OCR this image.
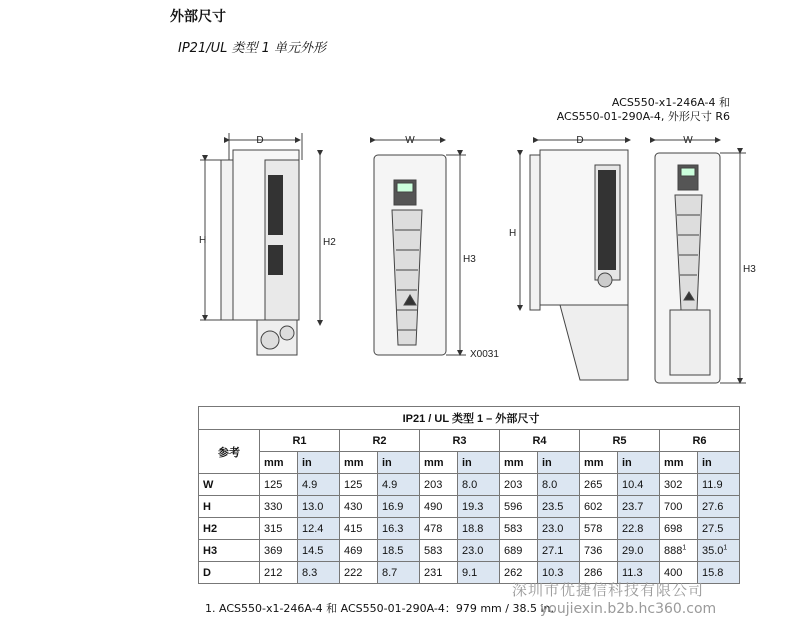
外部尺寸
IP21/UL 类型 1 单元外形
ACS550-x1-246A-4 和
ACS550-01-290A-4, 外形尺寸 R6
D
H	H2
W
H3
X0031
D
H
W
H3
IP21 / UL 类型 1 – 外部尺寸												
参考	R1		R2		R3		R4		R5		R6	
	mm	in	mm	in	mm	in	mm	in	mm	in	mm	in
W	125	4.9	125	4.9	203	8.0	203	8.0	265	10.4	302	11.9
H	330	13.0	430	16.9	490	19.3	596	23.5	602	23.7	700	27.6
H2	315	12.4	415	16.3	478	18.8	583	23.0	578	22.8	698	27.5
H3	369	14.5	469	18.5	583	23.0	689	27.1	736	29.0	$888^1$	35.0$^1$
D	212	8.3	222	8.7	231	9.1	262	10.3	286	11.3	400	15.8
1. ACS550-x1-246A-4 和 ACS550-01-290A-4：979 mm / 38.5 in.
深圳市优捷信科技有限公司
youjiexin.b2b.hc360.com
